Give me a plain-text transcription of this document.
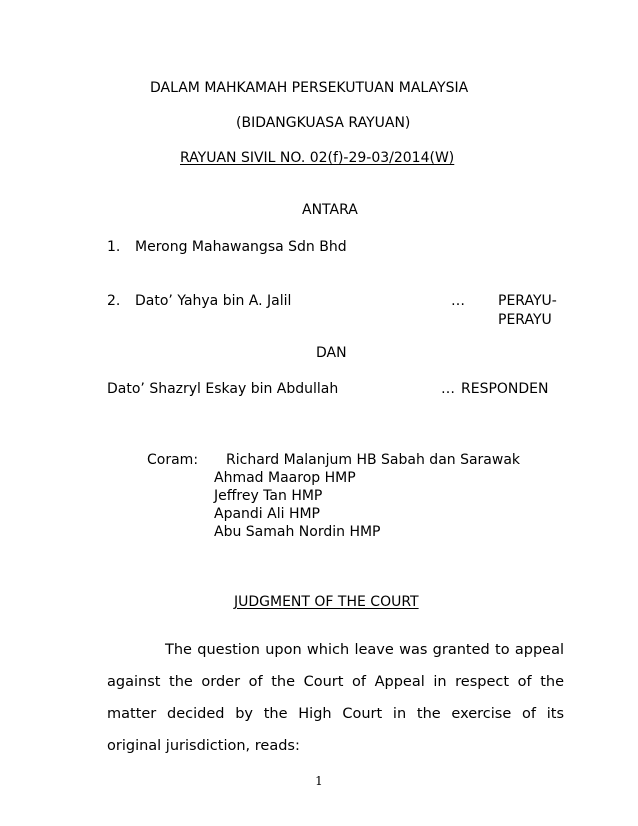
DALAM MAHKAMAH PERSEKUTUAN MALAYSIA
(BIDANGKUASA RAYUAN)
RAYUAN SIVIL NO. 02(f)-29-03/2014(W)
ANTARA
1. Merong Mahawangsa Sdn Bhd
2. Dato’ Yahya bin A. Jalil	… PERAYU-
PERAYU
DAN
Dato’ Shazryl Eskay bin Abdullah	… RESPONDEN
Coram: Richard Malanjum HB Sabah dan Sarawak
Ahmad Maarop HMP
Jeffrey Tan HMP
Apandi Ali HMP
Abu Samah Nordin HMP
JUDGMENT OF THE COURT
The question upon which leave was granted to appeal
against the order of the Court of Appeal in respect of the
matter decided by the High Court in the exercise of its
original jurisdiction, reads:
1
